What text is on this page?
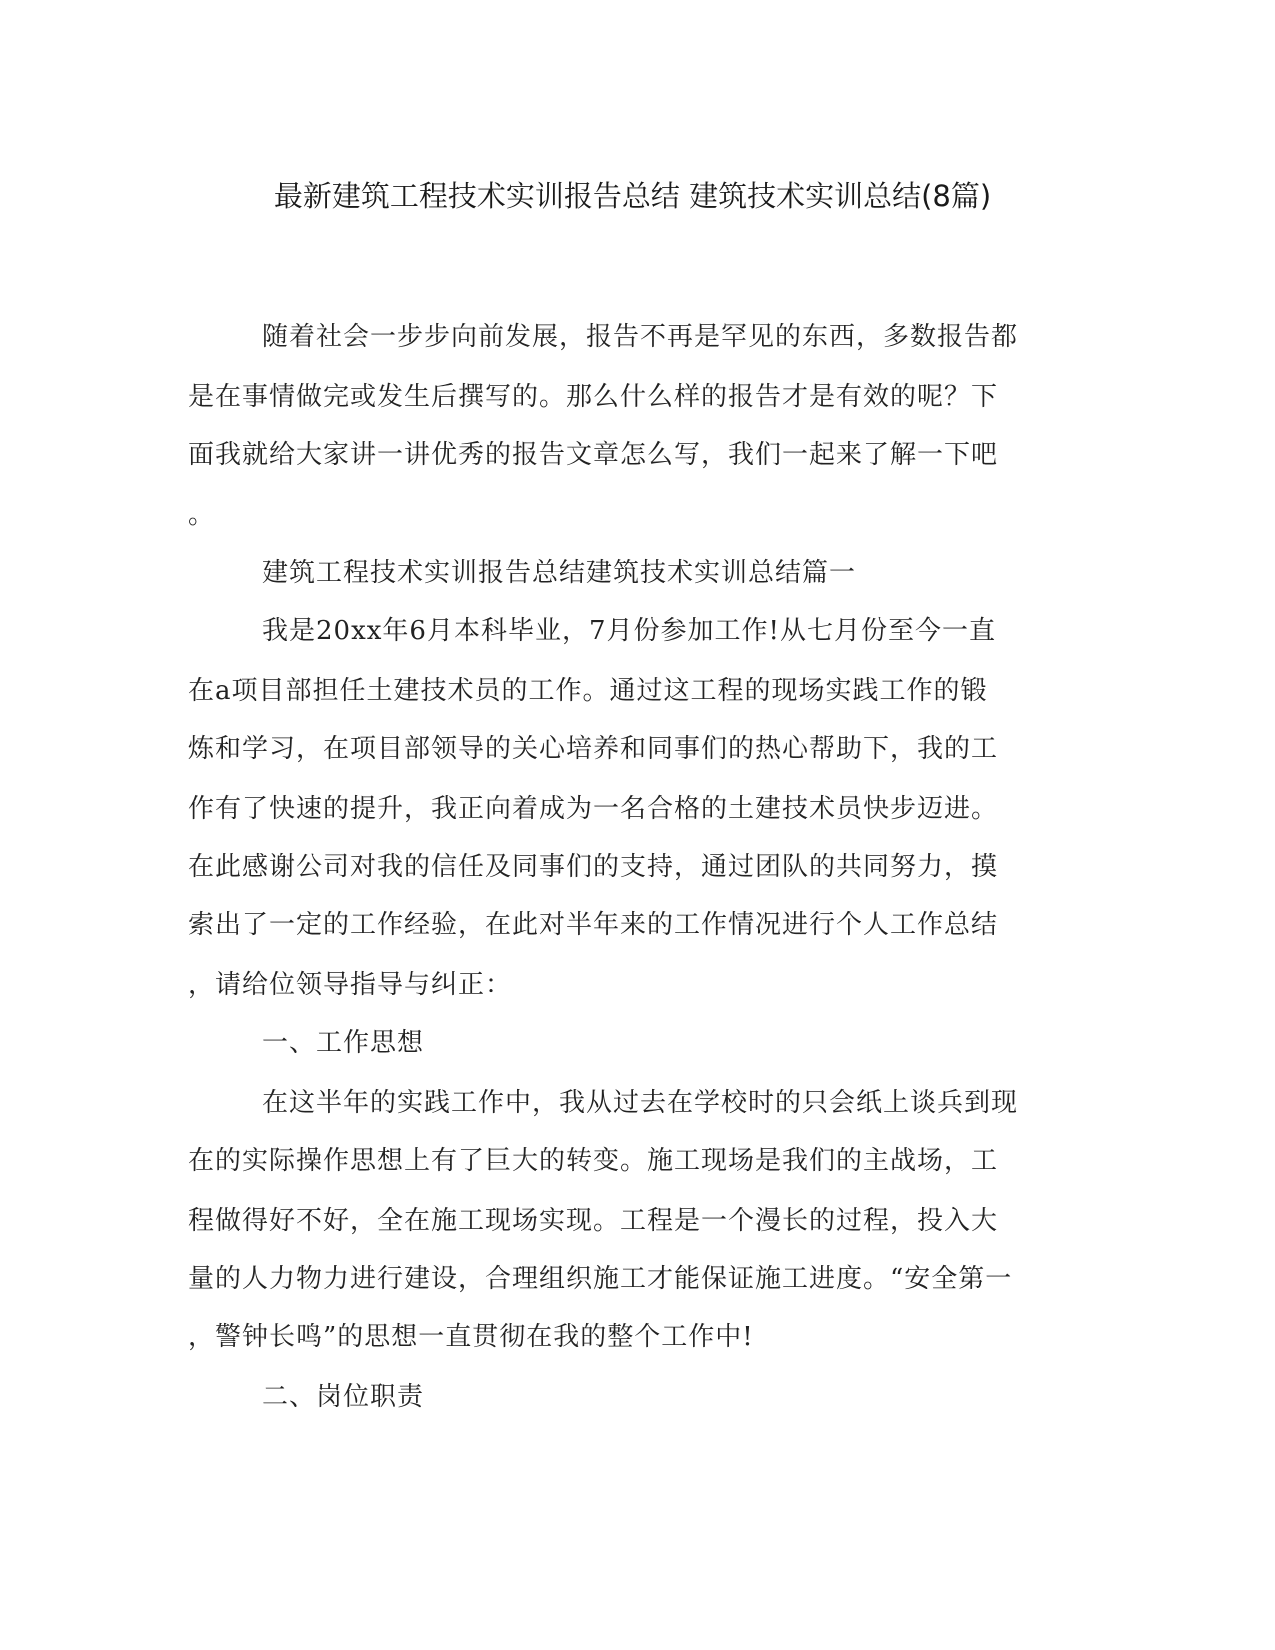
最新建筑工程技术实训报告总结 建筑技术实训总结(8篇)
随着社会一步步向前发展，报告不再是罕见的东西，多数报告都
是在事情做完或发生后撰写的。那么什么样的报告才是有效的呢？下
面我就给大家讲一讲优秀的报告文章怎么写，我们一起来了解一下吧
。
建筑工程技术实训报告总结建筑技术实训总结篇一
我是20xx年6月本科毕业，7月份参加工作!从七月份至今一直
在a项目部担任土建技术员的工作。通过这工程的现场实践工作的锻
炼和学习，在项目部领导的关心培养和同事们的热心帮助下，我的工
作有了快速的提升，我正向着成为一名合格的土建技术员快步迈进。
在此感谢公司对我的信任及同事们的支持，通过团队的共同努力，摸
索出了一定的工作经验，在此对半年来的工作情况进行个人工作总结
，请给位领导指导与纠正：
一、工作思想
在这半年的实践工作中，我从过去在学校时的只会纸上谈兵到现
在的实际操作思想上有了巨大的转变。施工现场是我们的主战场，工
程做得好不好，全在施工现场实现。工程是一个漫长的过程，投入大
量的人力物力进行建设，合理组织施工才能保证施工进度。“安全第一
，警钟长鸣”的思想一直贯彻在我的整个工作中!
二、岗位职责
